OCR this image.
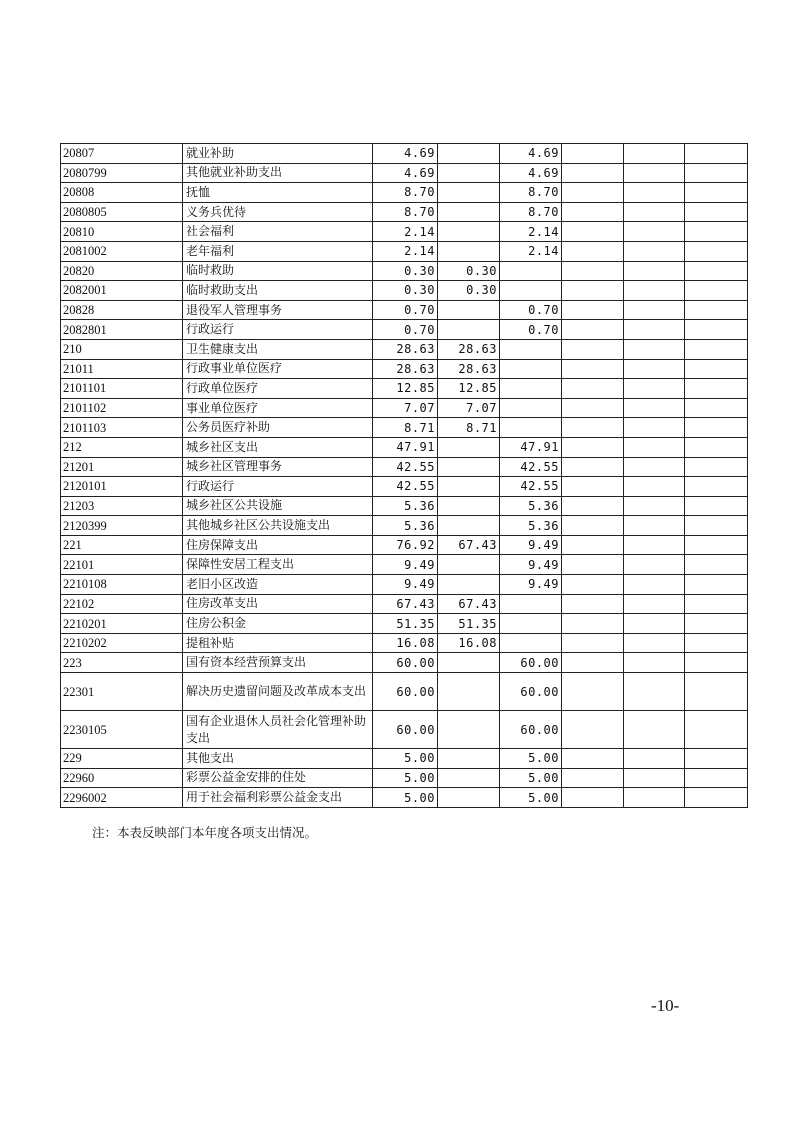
20807	就业补助	4.69		4.69			
2080799	其他就业补助支出	4.69		4.69			
20808	抚恤	8.70		8.70			
2080805	义务兵优待	8.70		8.70			
20810	社会福利	2.14		2.14			
2081002	老年福利	2.14		2.14			
20820	临时救助	0.30	0.30				
2082001	临时救助支出	0.30	0.30				
20828	退役军人管理事务	0.70		0.70			
2082801	行政运行	0.70		0.70			
210	卫生健康支出	28.63	28.63				
21011	行政事业单位医疗	28.63	28.63				
2101101	行政单位医疗	12.85	12.85				
2101102	事业单位医疗	7.07	7.07				
2101103	公务员医疗补助	8.71	8.71				
212	城乡社区支出	47.91		47.91			
21201	城乡社区管理事务	42.55		42.55			
2120101	行政运行	42.55		42.55			
21203	城乡社区公共设施	5.36		5.36			
2120399	其他城乡社区公共设施支出	5.36		5.36			
221	住房保障支出	76.92	67.43	9.49			
22101	保障性安居工程支出	9.49		9.49			
2210108	老旧小区改造	9.49		9.49			
22102	住房改革支出	67.43	67.43				
2210201	住房公积金	51.35	51.35				
2210202	提租补贴	16.08	16.08				
223	国有资本经营预算支出	60.00		60.00			
22301	解决历史遗留问题及改革成本支出	60.00		60.00			
2230105	国有企业退休人员社会化管理补助支出	60.00		60.00			
229	其他支出	5.00		5.00			
22960	彩票公益金安排的住处	5.00		5.00			
2296002	用于社会福利彩票公益金支出	5.00		5.00			
注：本表反映部门本年度各项支出情况。
-10-
